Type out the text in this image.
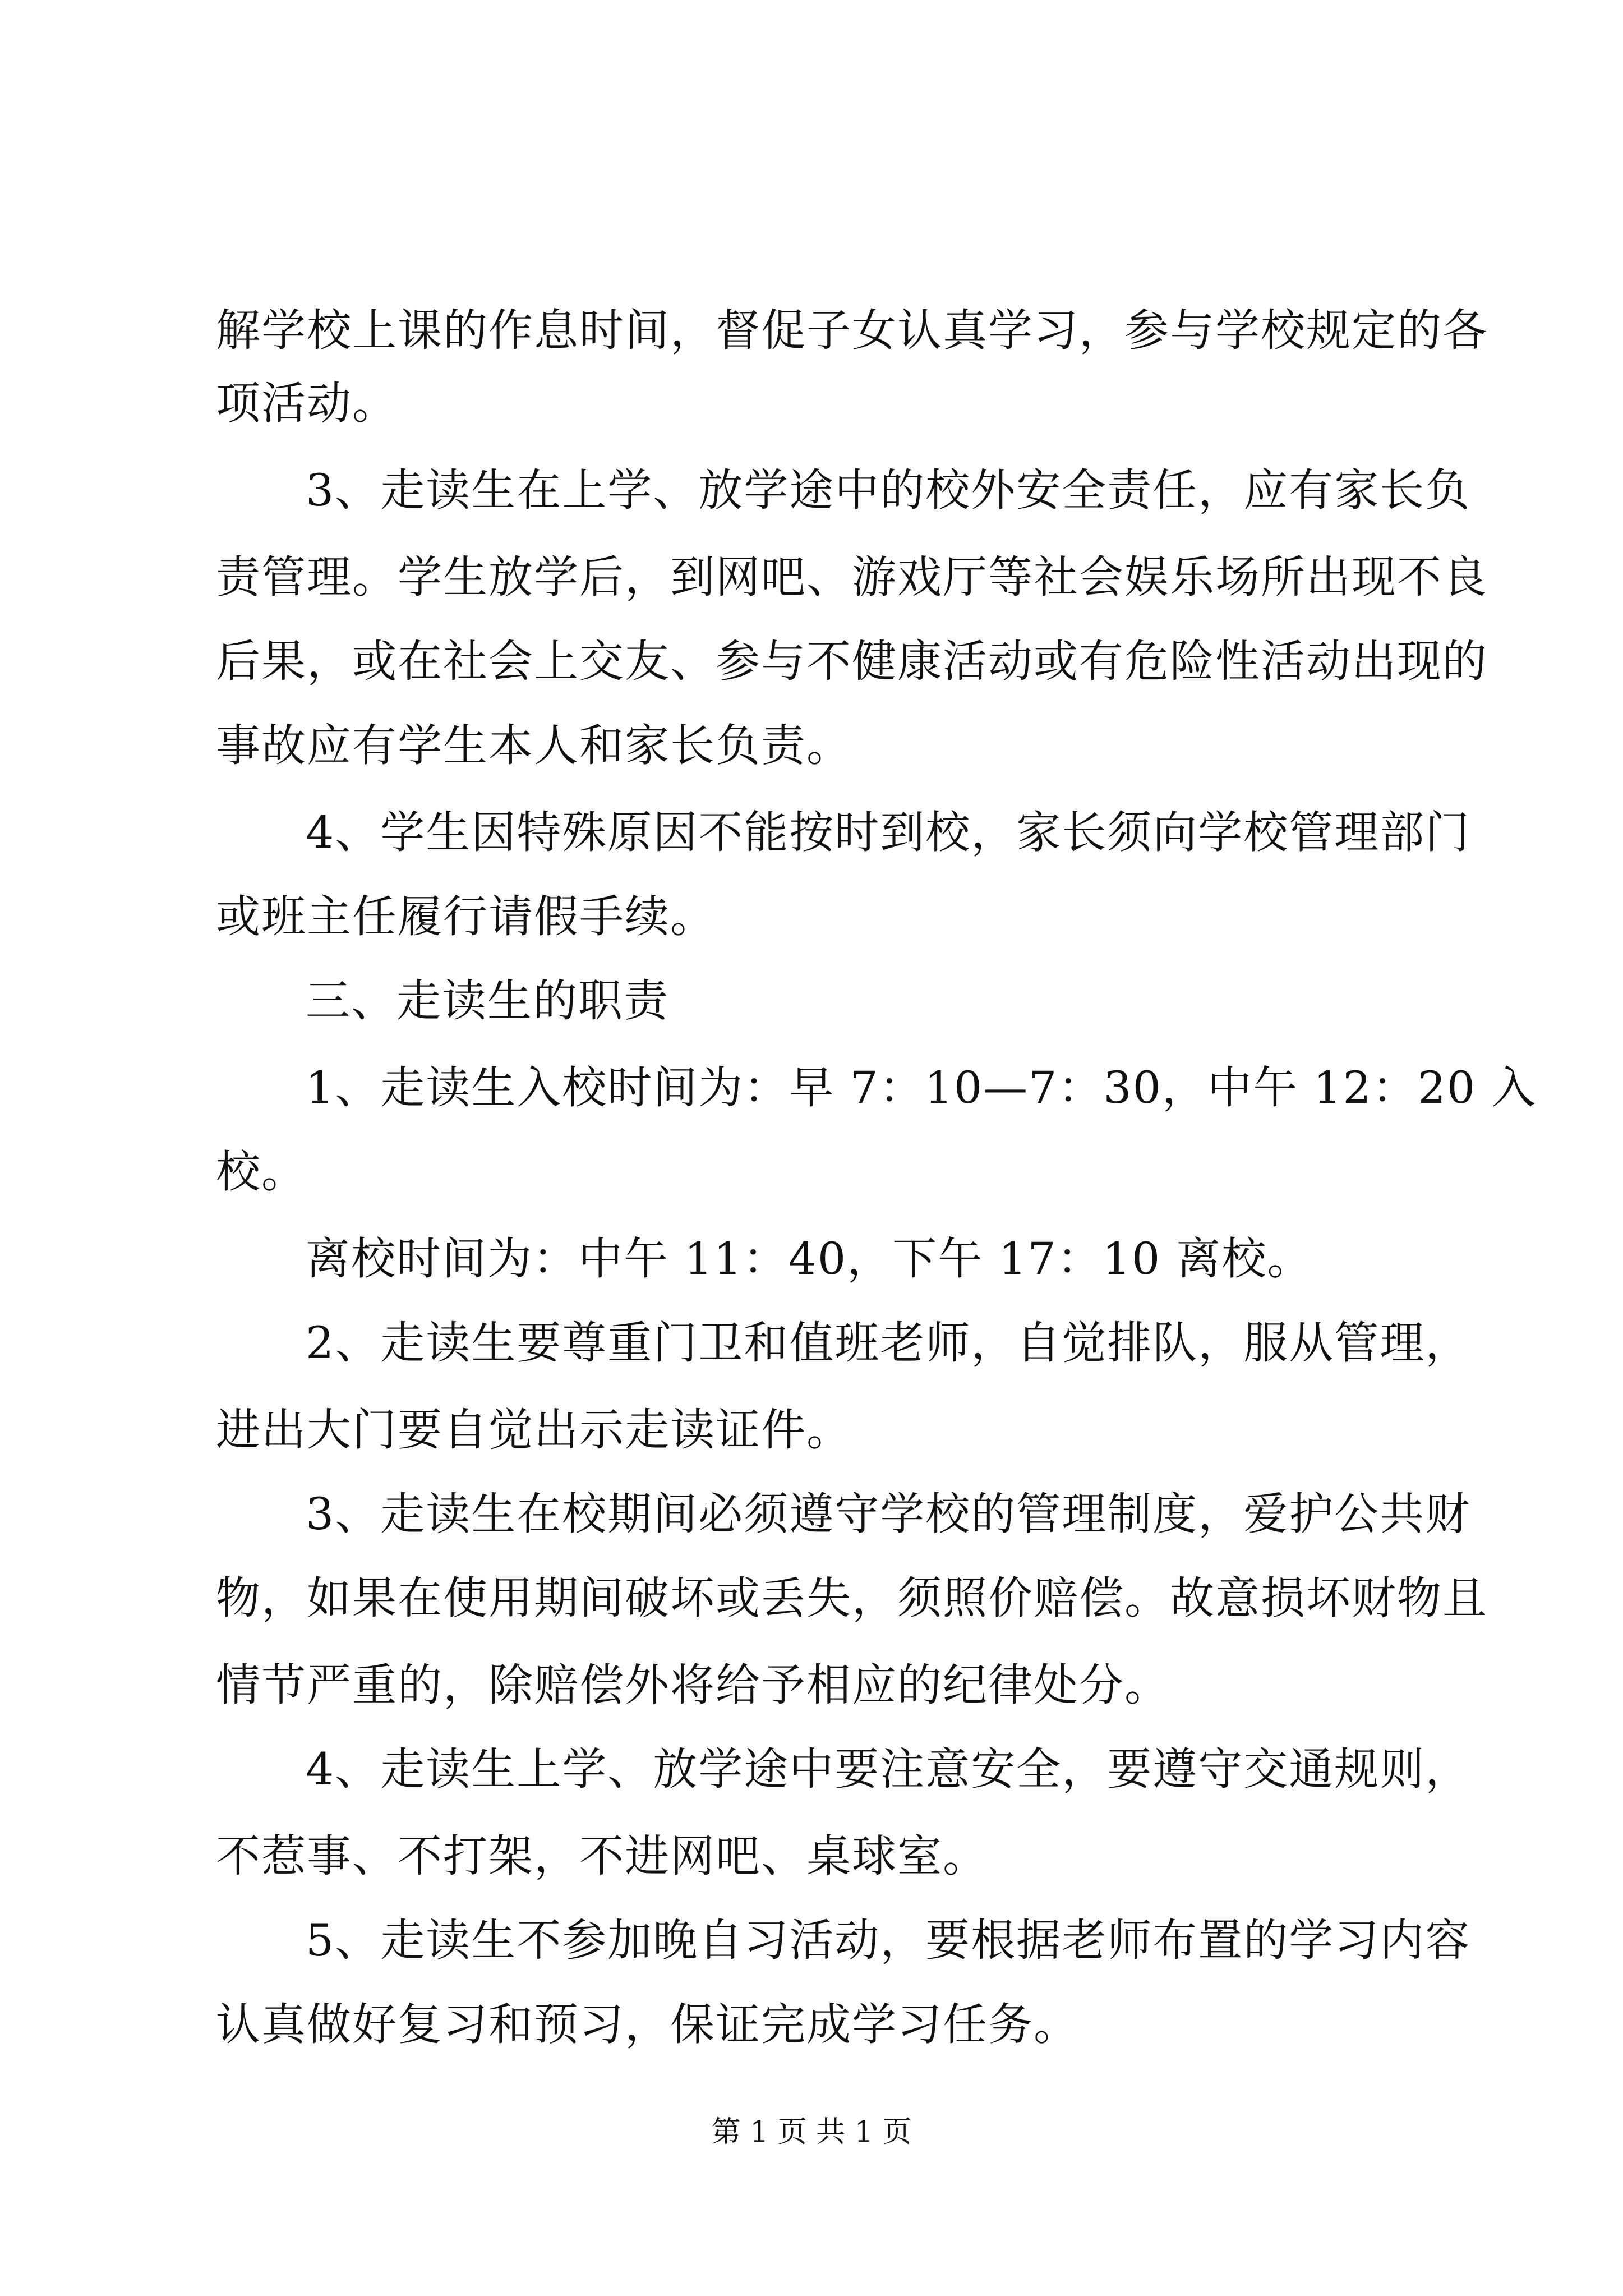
解学校上课的作息时间，督促子女认真学习，参与学校规定的各
项活动。
3、走读生在上学、放学途中的校外安全责任，应有家长负
责管理。学生放学后，到网吧、游戏厅等社会娱乐场所出现不良
后果，或在社会上交友、参与不健康活动或有危险性活动出现的
事故应有学生本人和家长负责。
4、学生因特殊原因不能按时到校，家长须向学校管理部门
或班主任履行请假手续。
三、走读生的职责
1、走读生入校时间为：早 7：10—7：30，中午 12：20 入
校。
离校时间为：中午 11：40，下午 17：10 离校。
2、走读生要尊重门卫和值班老师，自觉排队，服从管理，
进出大门要自觉出示走读证件。
3、走读生在校期间必须遵守学校的管理制度，爱护公共财
物，如果在使用期间破坏或丢失，须照价赔偿。故意损坏财物且
情节严重的，除赔偿外将给予相应的纪律处分。
4、走读生上学、放学途中要注意安全，要遵守交通规则，
不惹事、不打架，不进网吧、桌球室。
5、走读生不参加晚自习活动，要根据老师布置的学习内容
认真做好复习和预习，保证完成学习任务。
第 1 页 共 1 页
